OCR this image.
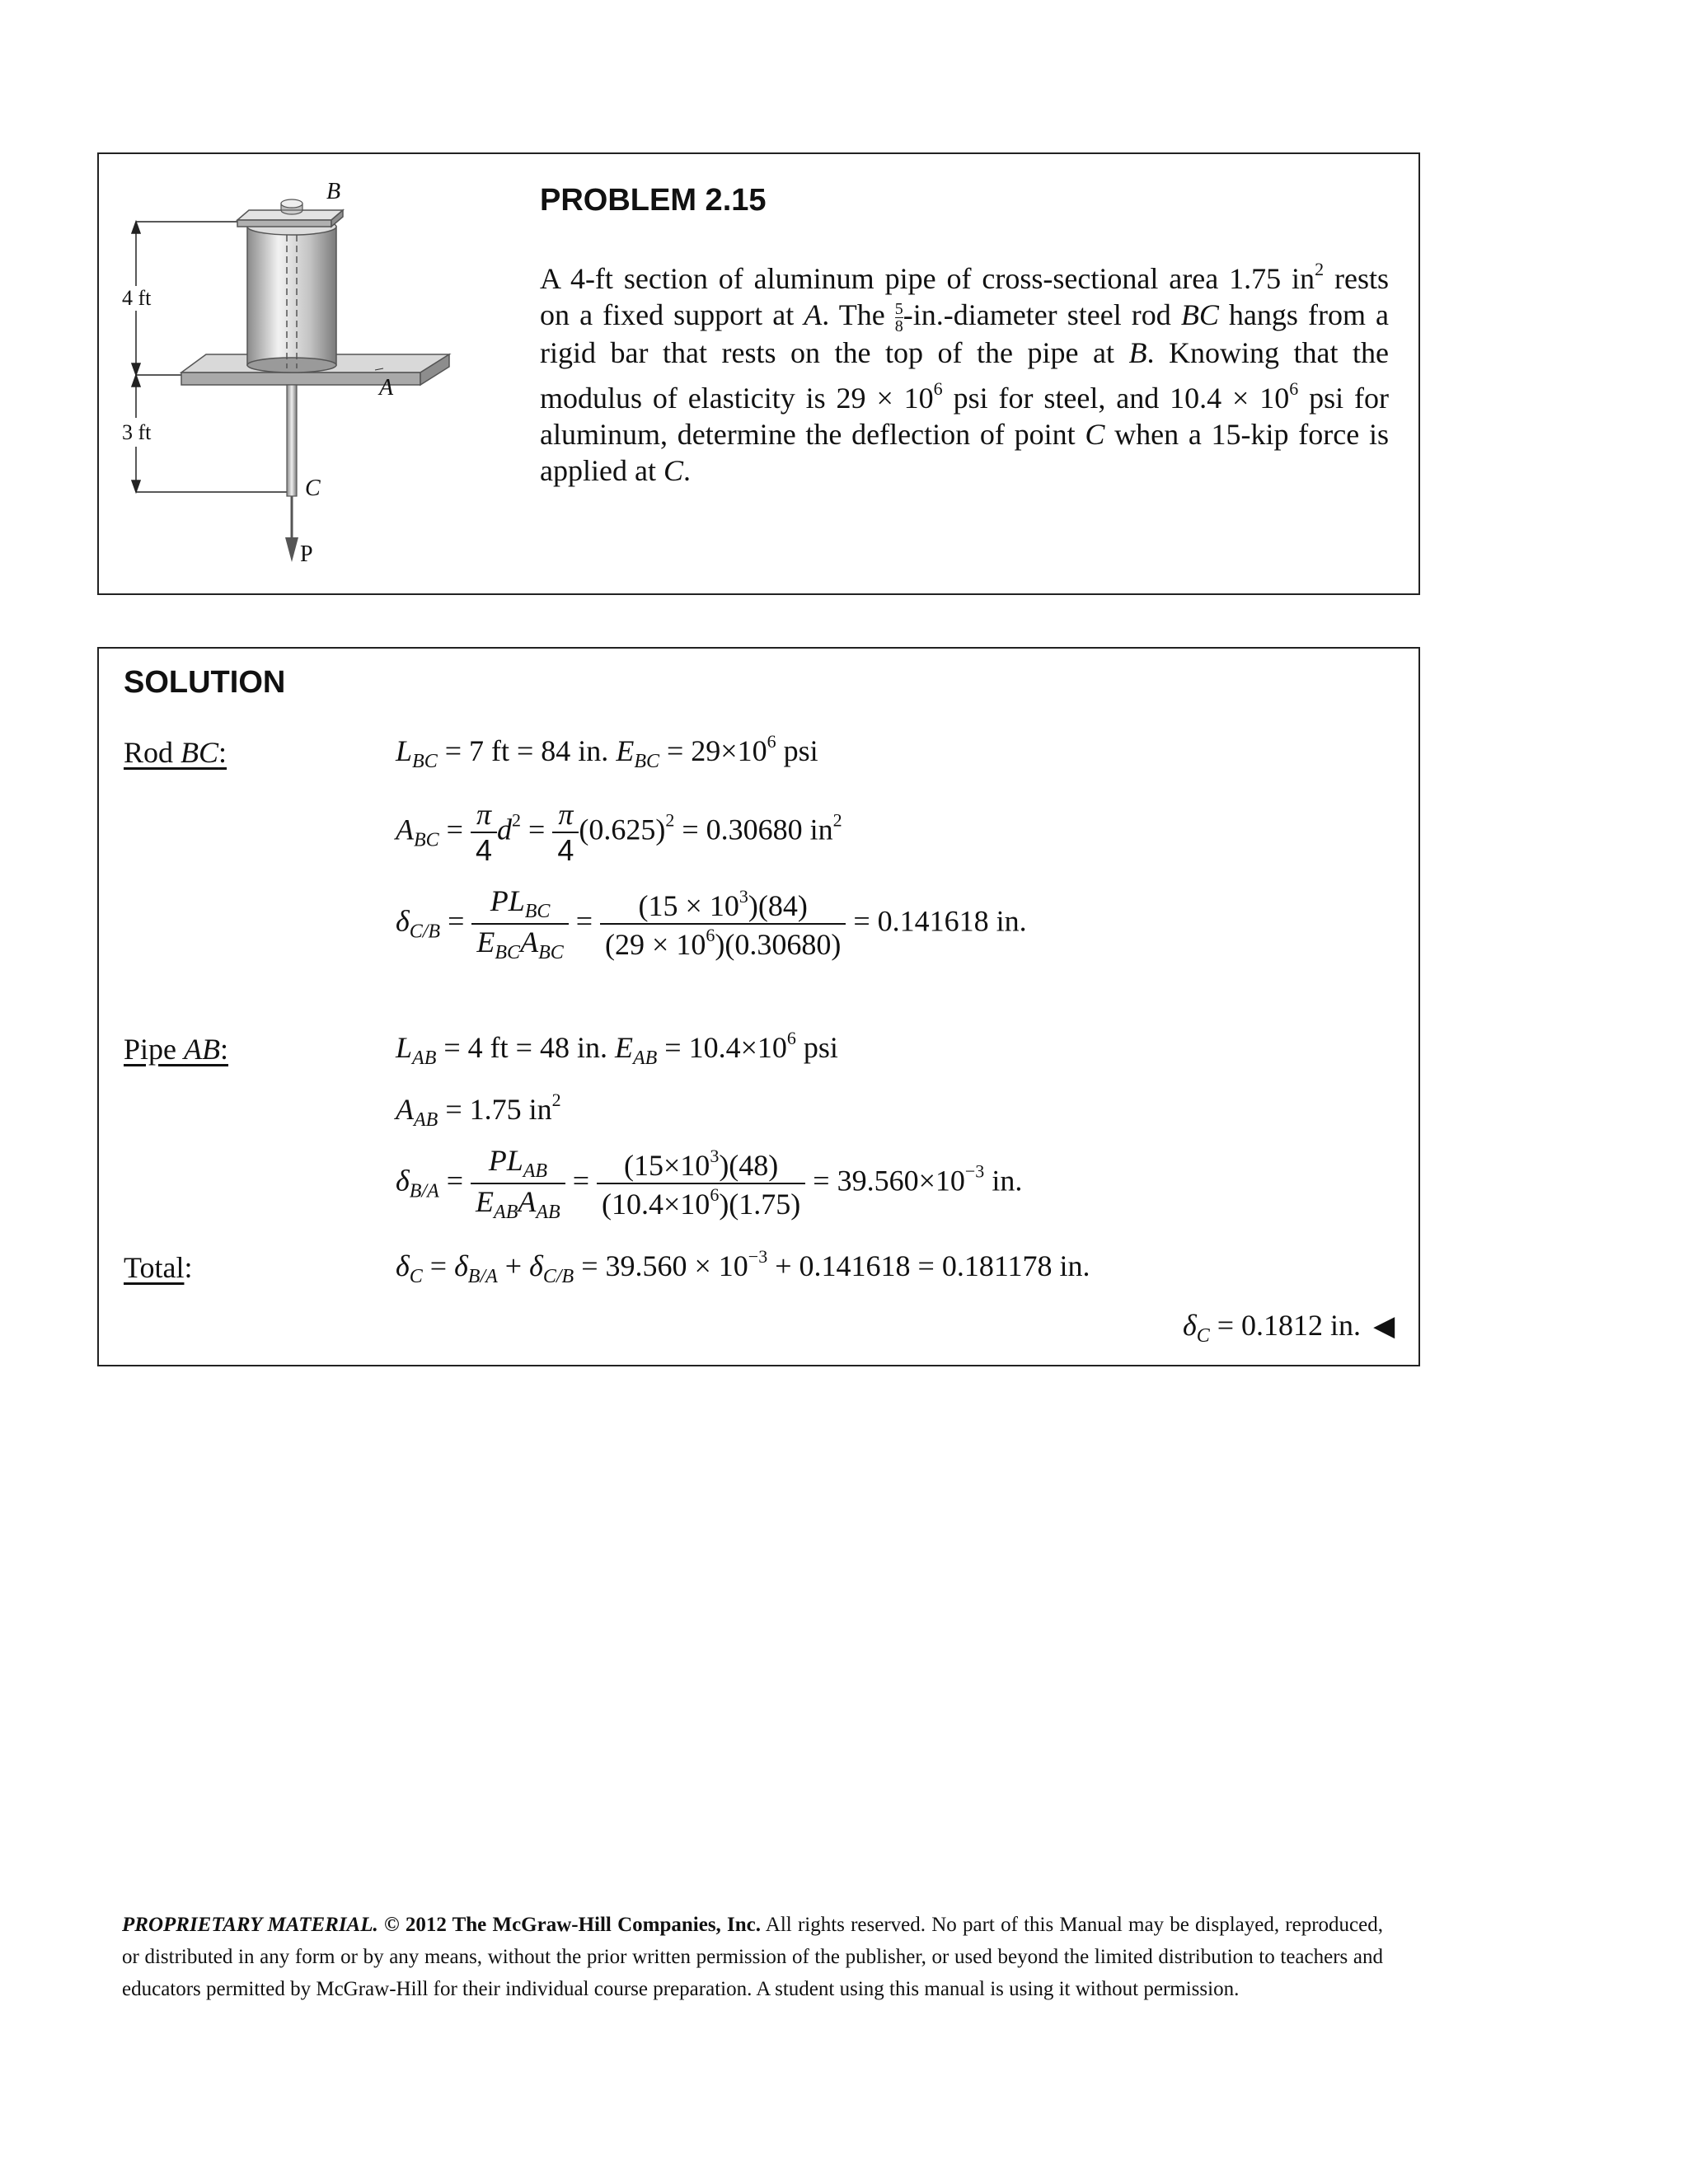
B
A
C
P
4 ft
3 ft
PROBLEM 2.15
A 4-ft section of aluminum pipe of cross-sectional area 1.75 $in^2$ rests on a fixed support at A. The $\frac{5}{8}$ -in.-diameter steel rod BC hangs from a rigid bar that rests on the top of the pipe at B. Knowing that the modulus of elasticity is $29 \times 10^6$ psi for steel, and $10.4 \times 10^6$ psi for aluminum, determine the deflection of point C when a 15-kip force is applied at C.
SOLUTION
Rod BC:	$L_{BC} = 7$ ft = 84 in. $E_{BC} = 29\times 10^6$ psi
$A_{BC} = \frac{\pi}{4} d^2 = \frac{\pi}{4} (0.625)^2 = 0.30680$ $in^2$
$\delta_{C/B} = \frac{PL_{BC}}{E_{BC}A_{BC}} = \frac{(15 \times 10^3)(84)}{(29 \times 10^6)(0.30680)} = 0.141618$ in.
Pipe AB:	$L_{AB} = 4$ ft = 48 in. $E_{AB} = 10.4\times 10^6$ psi
$A_{AB} = 1.75$ $in^2$
$\delta_{B/A} = \frac{PL_{AB}}{E_{AB}A_{AB}} = \frac{(15\times 10^3)(48)}{(10.4\times 10^6)(1.75)} = 39.560\times 10^{-3}$ in.
Total:	$\delta_C = \delta_{B/A} + \delta_{C/B} = 39.560 \times 10^{-3} + 0.141618 = 0.181178$ in.
$\delta_C = 0.1812$ in. ◀
PROPRIETARY MATERIAL. © 2012 The McGraw-Hill Companies, Inc. All rights reserved. No part of this Manual may be displayed, reproduced, or distributed in any form or by any means, without the prior written permission of the publisher, or used beyond the limited distribution to teachers and educators permitted by McGraw-Hill for their individual course preparation. A student using this manual is using it without permission.
